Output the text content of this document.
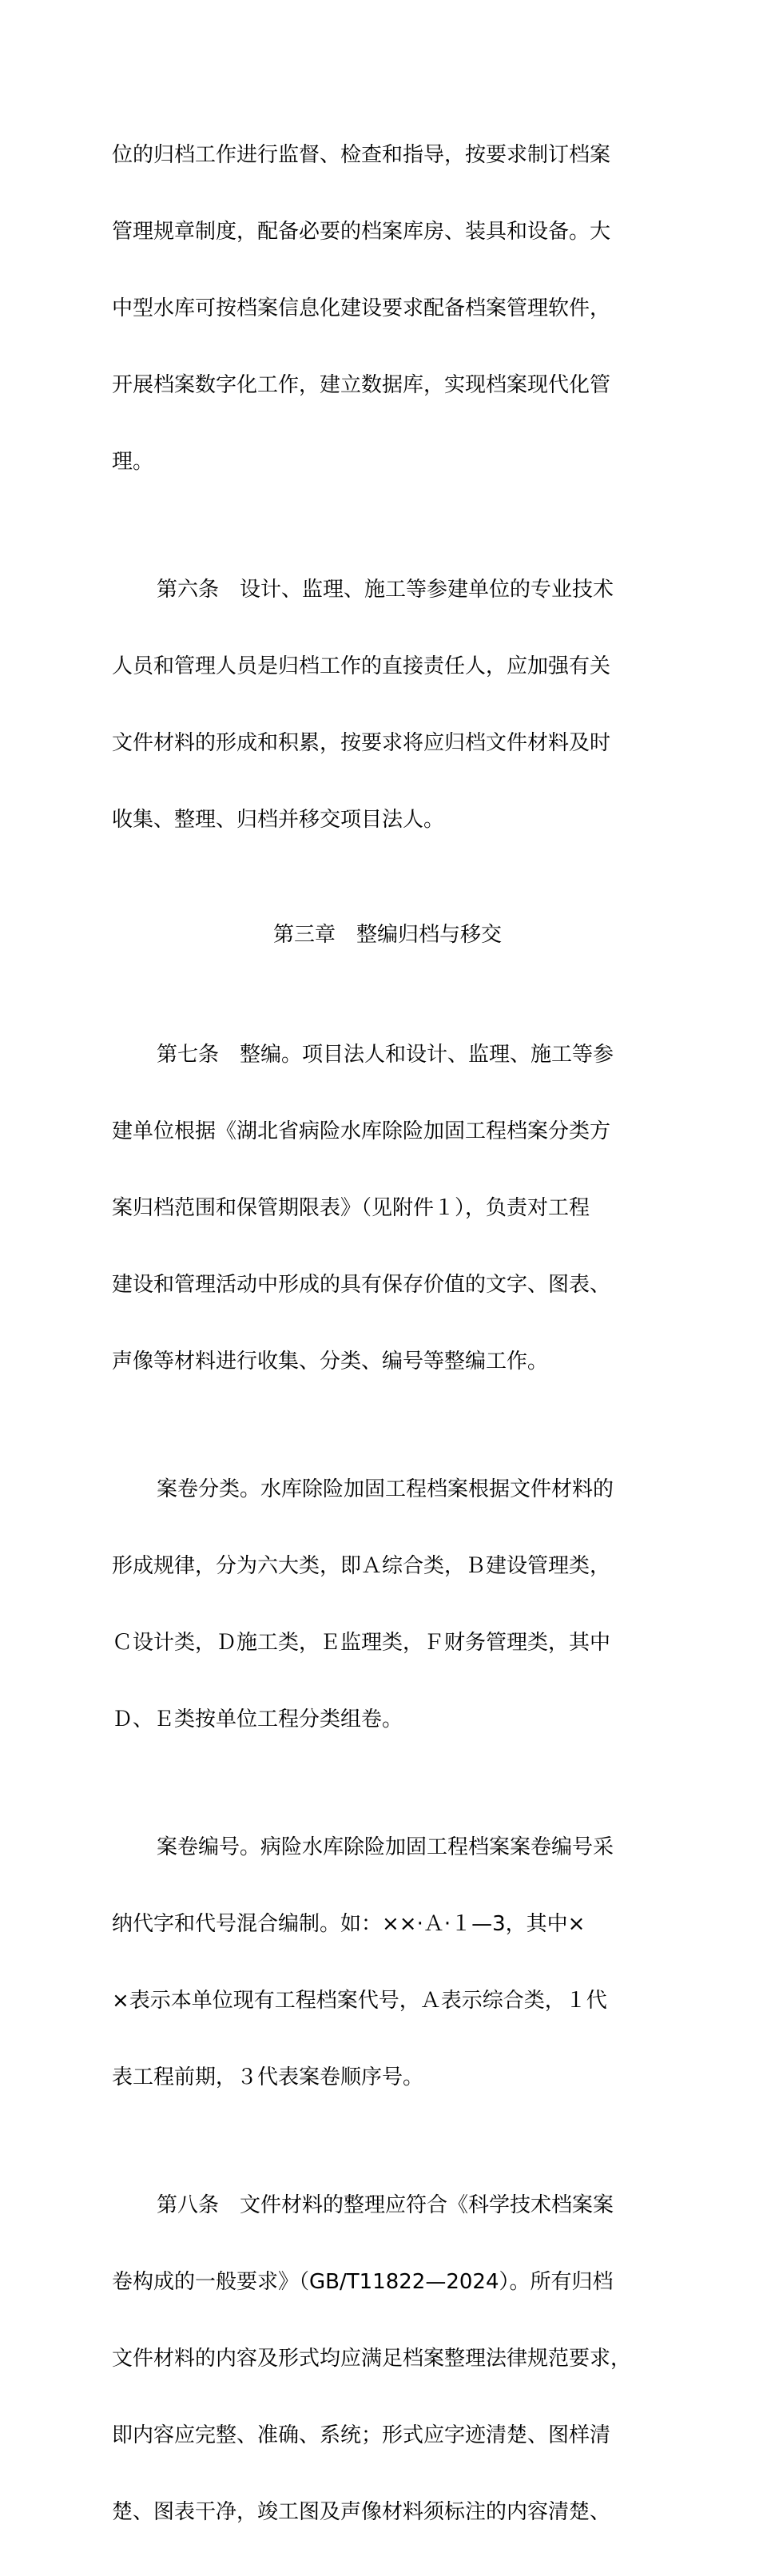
位的归档工作进行监督、检查和指导，按要求制订档案

管理规章制度，配备必要的档案库房、装具和设备。大

中型水库可按档案信息化建设要求配备档案管理软件，

开展档案数字化工作，建立数据库，实现档案现代化管

理。

第六条　设计、监理、施工等参建单位的专业技术

人员和管理人员是归档工作的直接责任人，应加强有关

文件材料的形成和积累，按要求将应归档文件材料及时

收集、整理、归档并移交项目法人。

第三章　整编归档与移交

第七条　整编。项目法人和设计、监理、施工等参

建单位根据《湖北省病险水库除险加固工程档案分类方

案归档范围和保管期限表》（见附件１），负责对工程

建设和管理活动中形成的具有保存价值的文字、图表、

声像等材料进行收集、分类、编号等整编工作。

案卷分类。水库除险加固工程档案根据文件材料的

形成规律，分为六大类，即Ａ综合类，Ｂ建设管理类，

Ｃ设计类，Ｄ施工类，Ｅ监理类，Ｆ财务管理类，其中

Ｄ、Ｅ类按单位工程分类组卷。

案卷编号。病险水库除险加固工程档案案卷编号采

纳代字和代号混合编制。如：××·Ａ·１—3，其中×

×表示本单位现有工程档案代号，Ａ表示综合类，１代

表工程前期，３代表案卷顺序号。

第八条　文件材料的整理应符合《科学技术档案案

卷构成的一般要求》（GB/T11822—2024）。所有归档

文件材料的内容及形式均应满足档案整理法律规范要求，

即内容应完整、准确、系统；形式应字迹清楚、图样清

楚、图表干净，竣工图及声像材料须标注的内容清楚、
